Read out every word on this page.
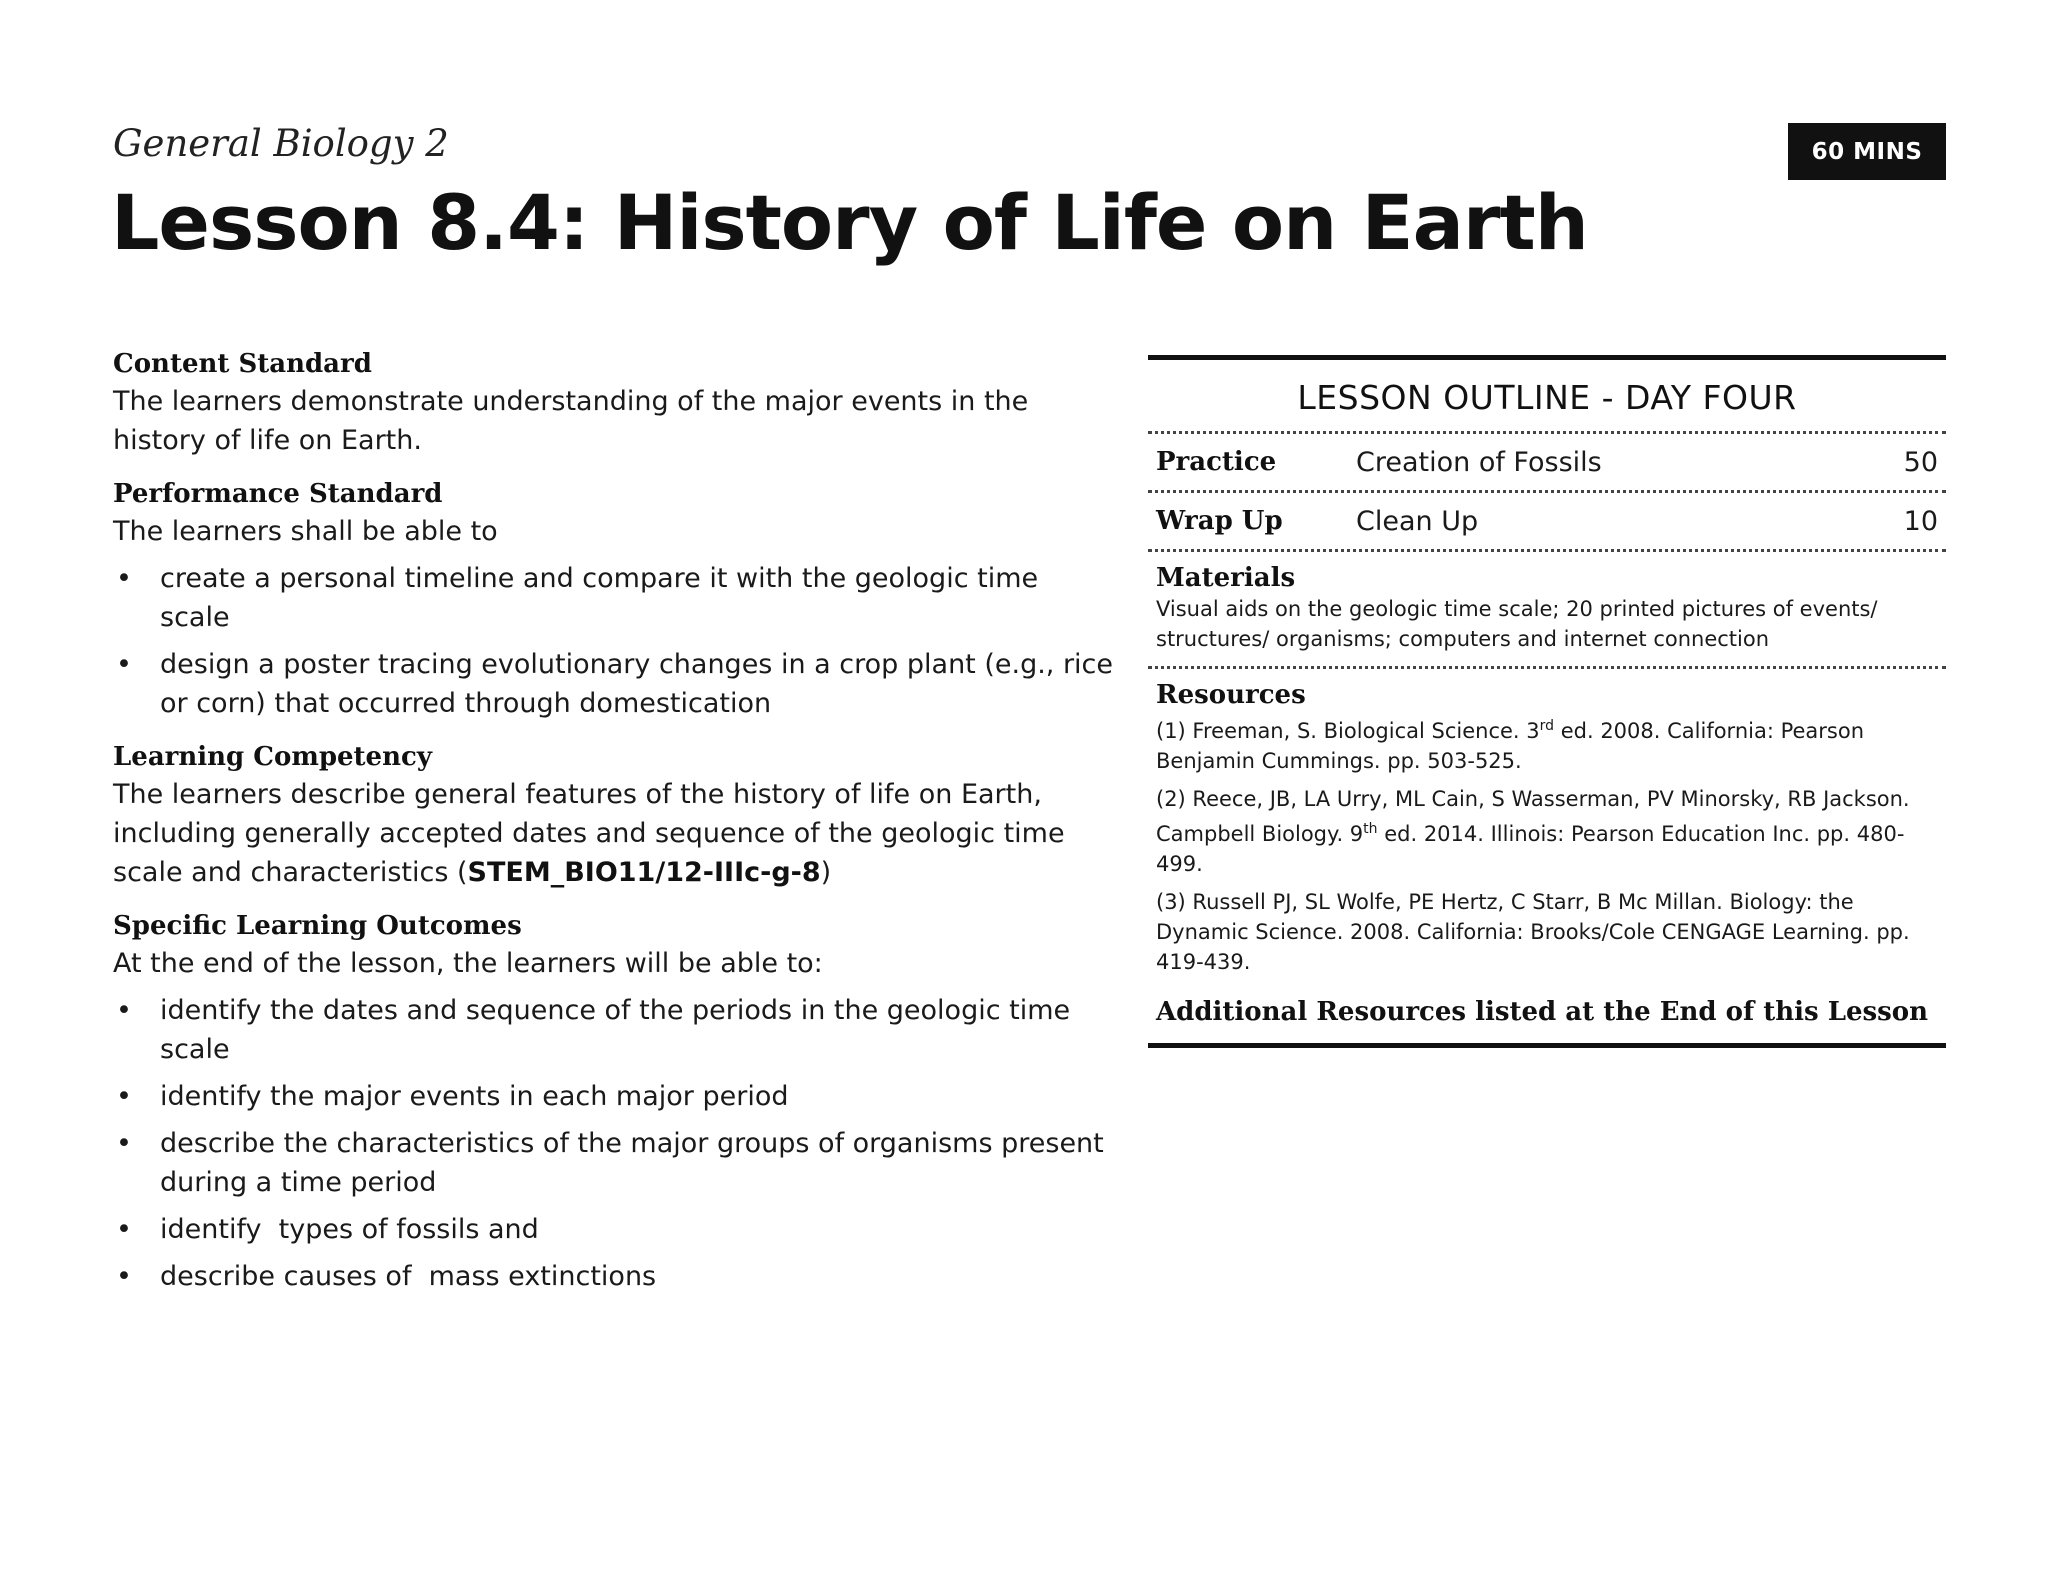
General Biology 2	60 MINS
Lesson 8.4: History of Life on Earth
Content Standard

The learners demonstrate understanding of the major events in the history of life on Earth.

Performance Standard

The learners shall be able to

• create a personal timeline and compare it with the geologic time scale
• design a poster tracing evolutionary changes in a crop plant (e.g., rice or corn) that occurred through domestication
Learning Competency

The learners describe general features of the history of life on Earth, including generally accepted dates and sequence of the geologic time scale and characteristics (STEM_BIO11/12-IIIc-g-8)

Specific Learning Outcomes

At the end of the lesson, the learners will be able to:

• identify the dates and sequence of the periods in the geologic time scale
• identify the major events in each major period
• describe the characteristics of the major groups of organisms present during a time period
• identify  types of fossils and
• describe causes of  mass extinctions
LESSON OUTLINE - DAY FOUR
Practice	Creation of Fossils	50
Wrap Up	Clean Up	10
Materials

Visual aids on the geologic time scale; 20 printed pictures of events/ structures/ organisms; computers and internet connection

Resources

(1) Freeman, S. Biological Science. 3rd ed. 2008. California: Pearson Benjamin Cummings. pp. 503-525.

(2) Reece, JB, LA Urry, ML Cain, S Wasserman, PV Minorsky, RB Jackson. Campbell Biology. 9th ed. 2014. Illinois: Pearson Education Inc. pp. 480-499.

(3) Russell PJ, SL Wolfe, PE Hertz, C Starr, B Mc Millan. Biology: the Dynamic Science. 2008. California: Brooks/Cole CENGAGE Learning. pp. 419-439.

Additional Resources listed at the End of this Lesson
